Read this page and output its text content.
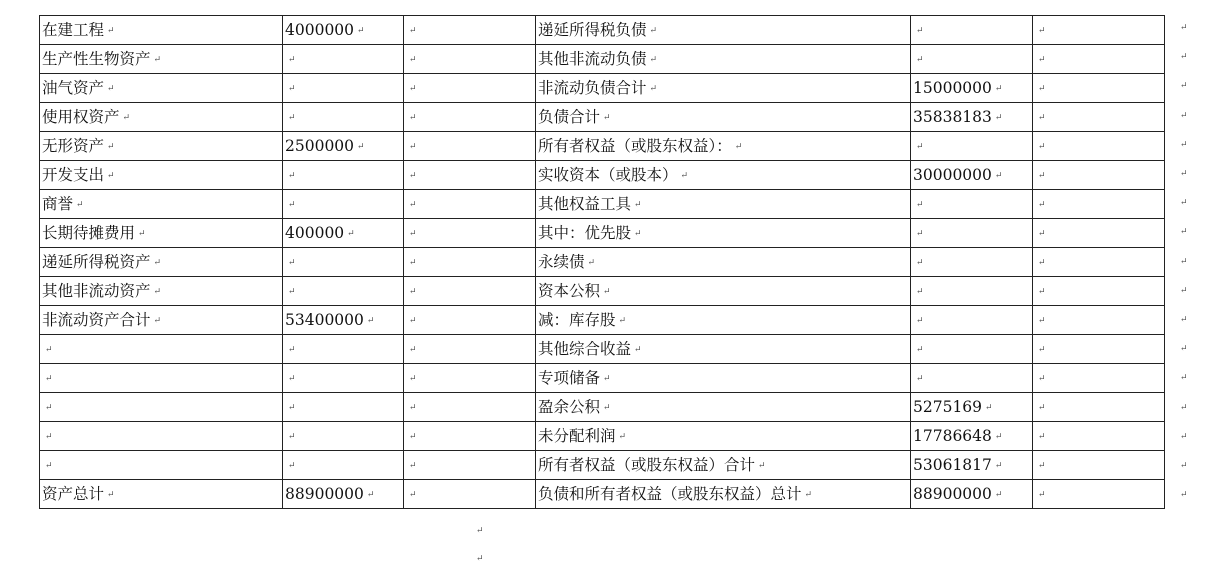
在建工程 ↵	4000000 ↵	↵	递延所得税负债 ↵	↵	↵
生产性生物资产 ↵	↵	↵	其他非流动负债 ↵	↵	↵
油气资产 ↵	↵	↵	非流动负债合计 ↵	15000000 ↵	↵
使用权资产 ↵	↵	↵	负债合计 ↵	35838183 ↵	↵
无形资产 ↵	2500000 ↵	↵	所有者权益（或股东权益）： ↵	↵	↵
开发支出 ↵	↵	↵	实收资本（或股本） ↵	30000000 ↵	↵
商誉 ↵	↵	↵	其他权益工具 ↵	↵	↵
长期待摊费用 ↵	400000 ↵	↵	其中：优先股 ↵	↵	↵
递延所得税资产 ↵	↵	↵	永续债 ↵	↵	↵
其他非流动资产 ↵	↵	↵	资本公积 ↵	↵	↵
非流动资产合计 ↵	53400000 ↵	↵	减：库存股 ↵	↵	↵
↵	↵	↵	其他综合收益 ↵	↵	↵
↵	↵	↵	专项储备 ↵	↵	↵
↵	↵	↵	盈余公积 ↵	5275169 ↵	↵
↵	↵	↵	未分配利润 ↵	17786648 ↵	↵
↵	↵	↵	所有者权益（或股东权益）合计 ↵	53061817 ↵	↵
资产总计 ↵	88900000 ↵	↵	负债和所有者权益（或股东权益）总计 ↵	88900000 ↵	↵
↵
↵
↵
↵
↵
↵
↵
↵
↵
↵
↵
↵
↵
↵
↵
↵
↵
↵
↵
